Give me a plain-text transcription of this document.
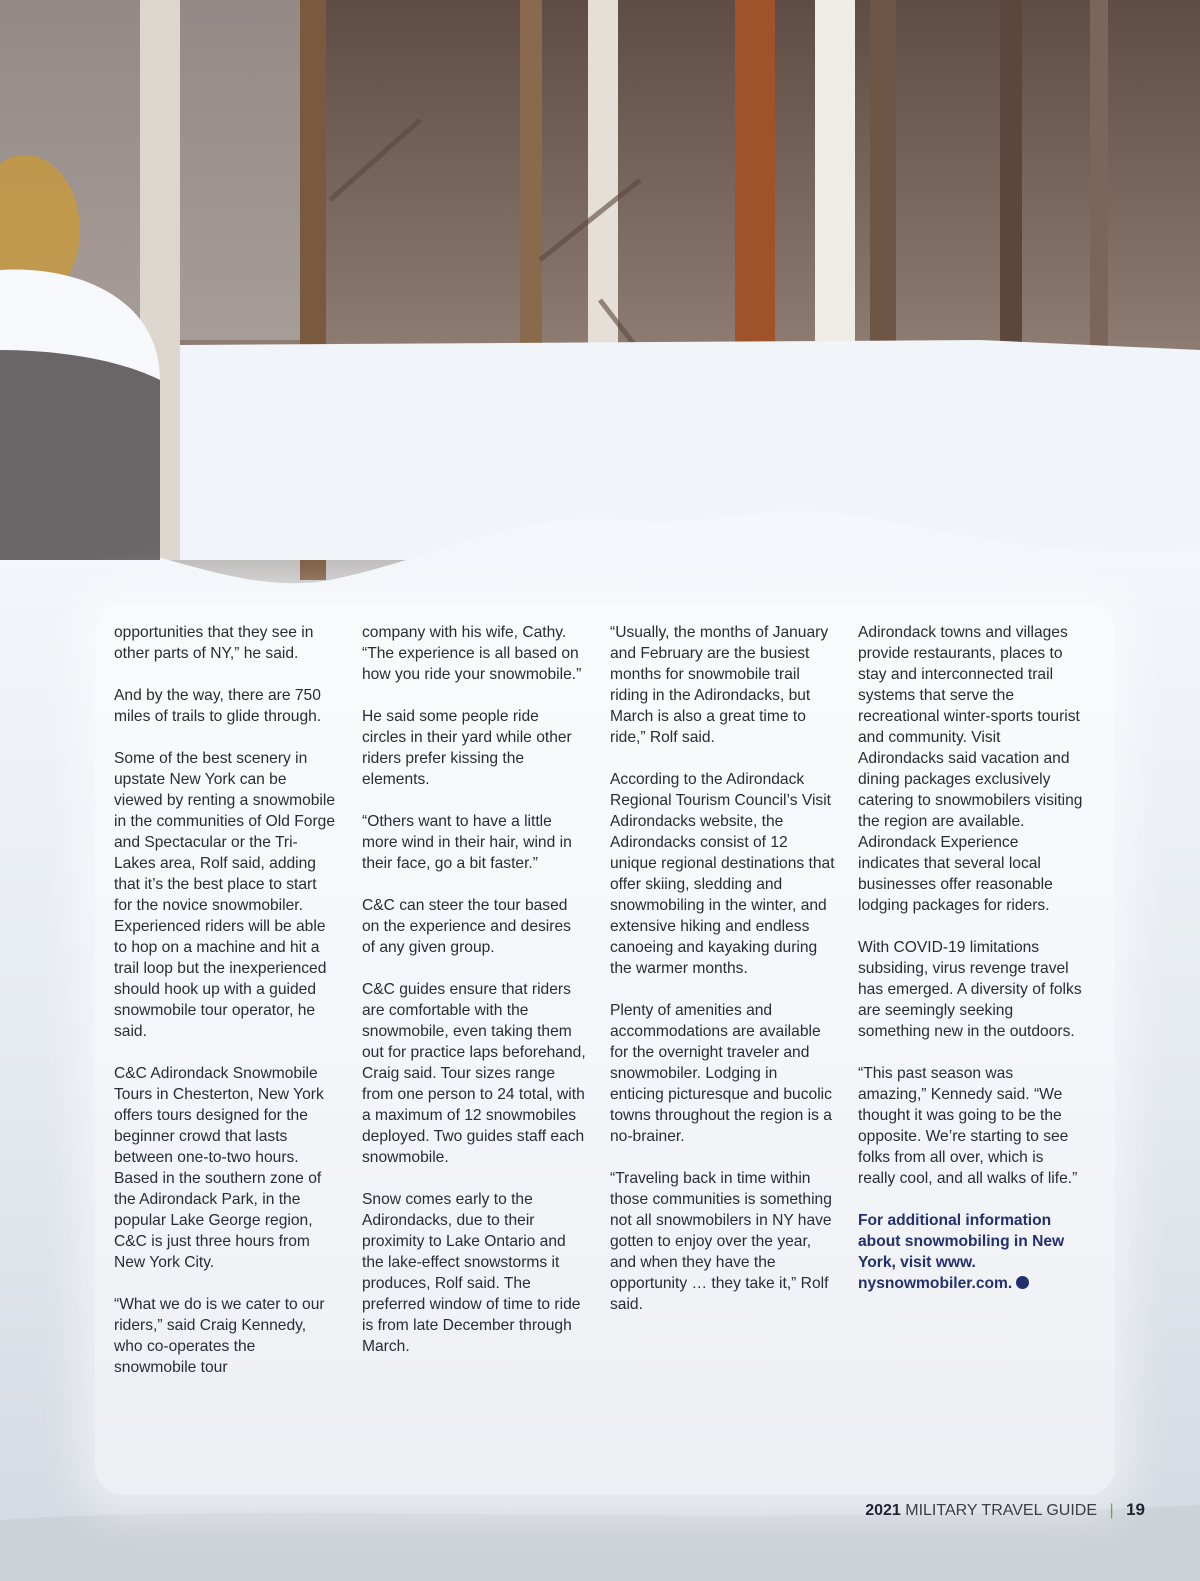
opportunities that they see in other parts of NY,” he said.

And by the way, there are 750 miles of trails to glide through.

Some of the best scenery in upstate New York can be viewed by renting a snowmobile in the communities of Old Forge and Spectacular or the Tri-Lakes area, Rolf said, adding that it’s the best place to start for the novice snowmobiler. Experienced riders will be able to hop on a machine and hit a trail loop but the inexperienced should hook up with a guided snowmobile tour operator, he said.

C&C Adirondack Snowmobile Tours in Chesterton, New York offers tours designed for the beginner crowd that lasts between one-to-two hours. Based in the southern zone of the Adirondack Park, in the popular Lake George region, C&C is just three hours from New York City.

“What we do is we cater to our riders,” said Craig Kennedy, who co-operates the snowmobile tour

company with his wife, Cathy. “The experience is all based on how you ride your snowmobile.”

He said some people ride circles in their yard while other riders prefer kissing the elements.

“Others want to have a little more wind in their hair, wind in their face, go a bit faster.”

C&C can steer the tour based on the experience and desires of any given group.

C&C guides ensure that riders are comfortable with the snowmobile, even taking them out for practice laps beforehand, Craig said. Tour sizes range from one person to 24 total, with a maximum of 12 snowmobiles deployed. Two guides staff each snowmobile.

Snow comes early to the Adirondacks, due to their proximity to Lake Ontario and the lake-effect snowstorms it produces, Rolf said. The preferred window of time to ride is from late December through March.

“Usually, the months of January and February are the busiest months for snowmobile trail riding in the Adirondacks, but March is also a great time to ride,” Rolf said.

According to the Adirondack Regional Tourism Council’s Visit Adirondacks website, the Adirondacks consist of 12 unique regional destinations that offer skiing, sledding and snowmobiling in the winter, and extensive hiking and endless canoeing and kayaking during the warmer months.

Plenty of amenities and accommodations are available for the overnight traveler and snowmobiler. Lodging in enticing picturesque and bucolic towns throughout the region is a no-brainer.

“Traveling back in time within those communities is something not all snowmobilers in NY have gotten to enjoy over the year, and when they have the opportunity … they take it,” Rolf said.

Adirondack towns and villages provide restaurants, places to stay and interconnected trail systems that serve the recreational winter-sports tourist and community. Visit Adirondacks said vacation and dining packages exclusively catering to snowmobilers visiting the region are available. Adirondack Experience indicates that several local businesses offer reasonable lodging packages for riders.

With COVID-19 limitations subsiding, virus revenge travel has emerged. A diversity of folks are seemingly seeking something new in the outdoors.

“This past season was amazing,” Kennedy said. “We thought it was going to be the opposite. We’re starting to see folks from all over, which is really cool, and all walks of life.”

For additional information about snowmobiling in New York, visit www. nysnowmobiler.com.

2021 MILITARY TRAVEL GUIDE | 19
